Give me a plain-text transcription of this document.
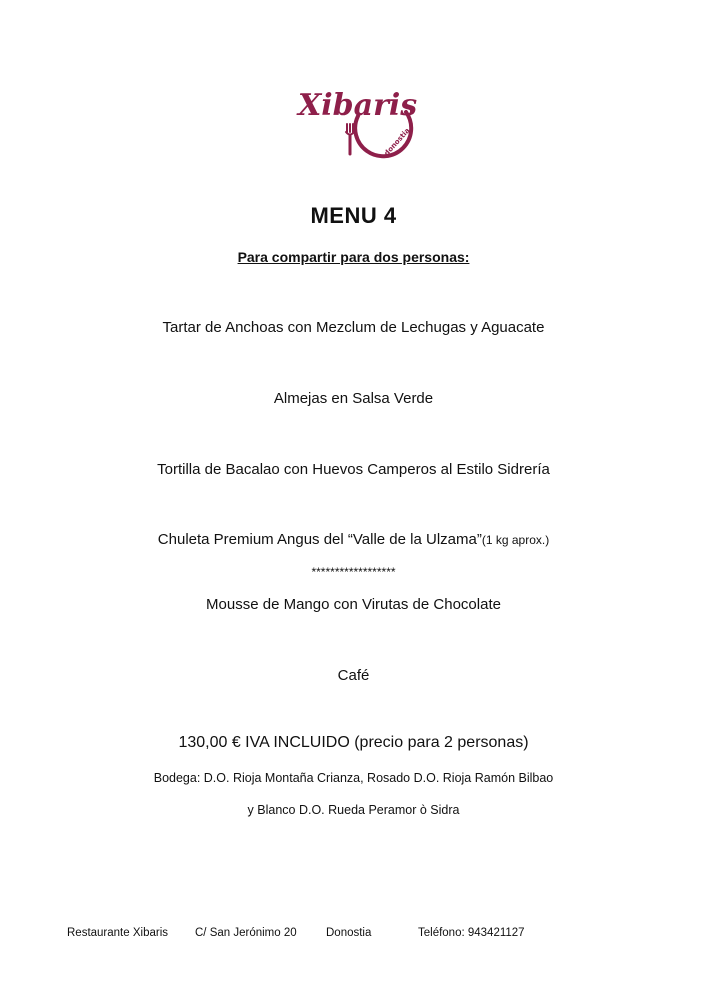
Xibaris
donostia
MENU 4
Para compartir para dos personas:
Tartar de Anchoas con Mezclum de Lechugas y Aguacate
Almejas en Salsa Verde
Tortilla de Bacalao con Huevos Camperos al Estilo Sidrería
Chuleta Premium Angus del “Valle de la Ulzama”(1 kg aprox.)
******************
Mousse de Mango con Virutas de Chocolate
Café
130,00 € IVA INCLUIDO (precio para 2 personas)
Bodega: D.O. Rioja Montaña Crianza, Rosado D.O. Rioja Ramón Bilbao
y Blanco D.O. Rueda Peramor ò Sidra
Restaurante Xibaris C/ San Jerónimo 20	Donostia	Teléfono: 943421127
